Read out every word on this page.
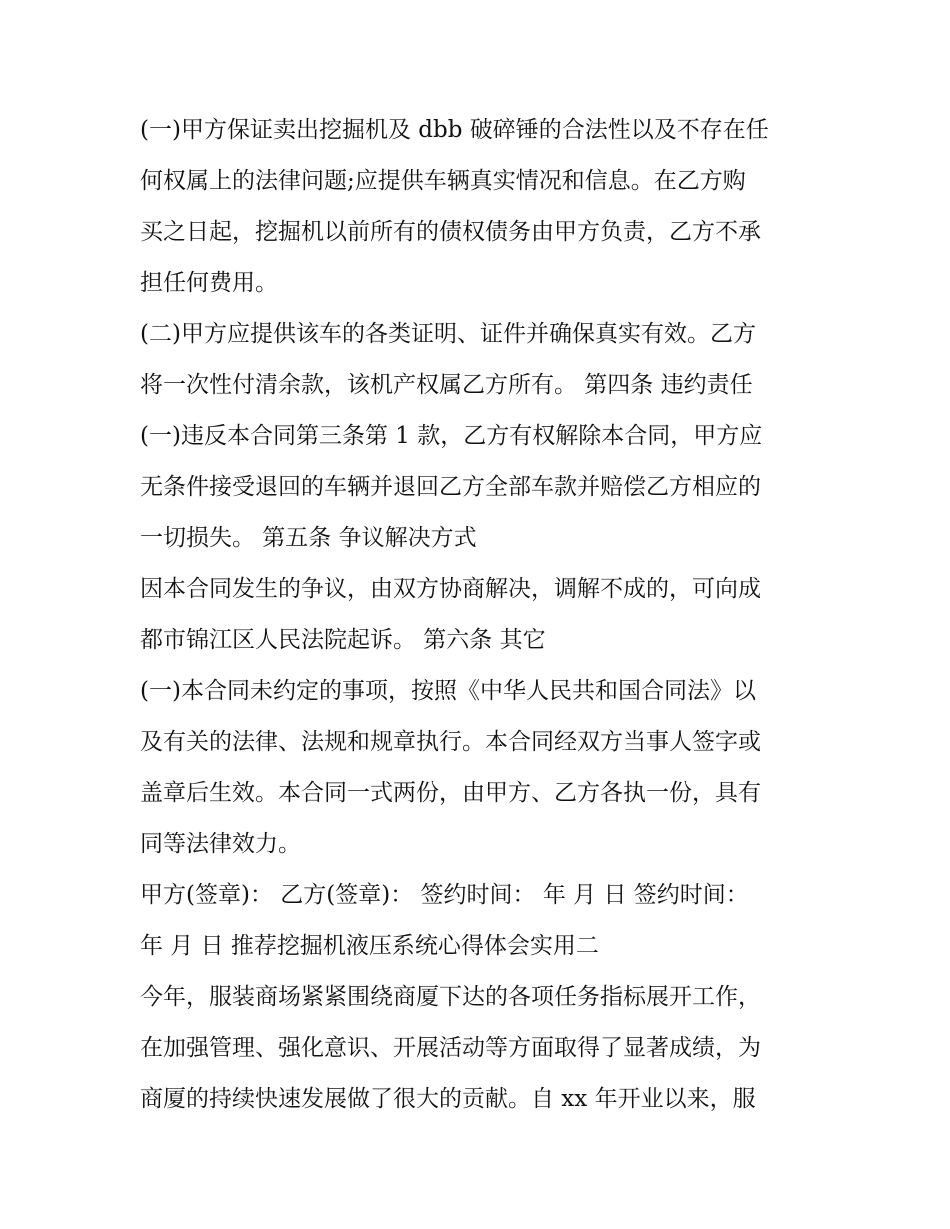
(一)甲方保证卖出挖掘机及 dbb 破碎锤的合法性以及不存在任
何权属上的法律问题;应提供车辆真实情况和信息。在乙方购
买之日起，挖掘机以前所有的债权债务由甲方负责，乙方不承
担任何费用。
(二)甲方应提供该车的各类证明、证件并确保真实有效。乙方
将一次性付清余款，该机产权属乙方所有。 第四条 违约责任
(一)违反本合同第三条第 1 款，乙方有权解除本合同，甲方应
无条件接受退回的车辆并退回乙方全部车款并赔偿乙方相应的
一切损失。 第五条 争议解决方式
因本合同发生的争议，由双方协商解决，调解不成的，可向成
都市锦江区人民法院起诉。 第六条 其它
(一)本合同未约定的事项，按照《中华人民共和国合同法》以
及有关的法律、法规和规章执行。本合同经双方当事人签字或
盖章后生效。本合同一式两份，由甲方、乙方各执一份，具有
同等法律效力。
甲方(签章)： 乙方(签章)： 签约时间： 年 月 日 签约时间：
年 月 日 推荐挖掘机液压系统心得体会实用二
今年，服装商场紧紧围绕商厦下达的各项任务指标展开工作，
在加强管理、强化意识、开展活动等方面取得了显著成绩，为
商厦的持续快速发展做了很大的贡献。自 xx 年开业以来，服
